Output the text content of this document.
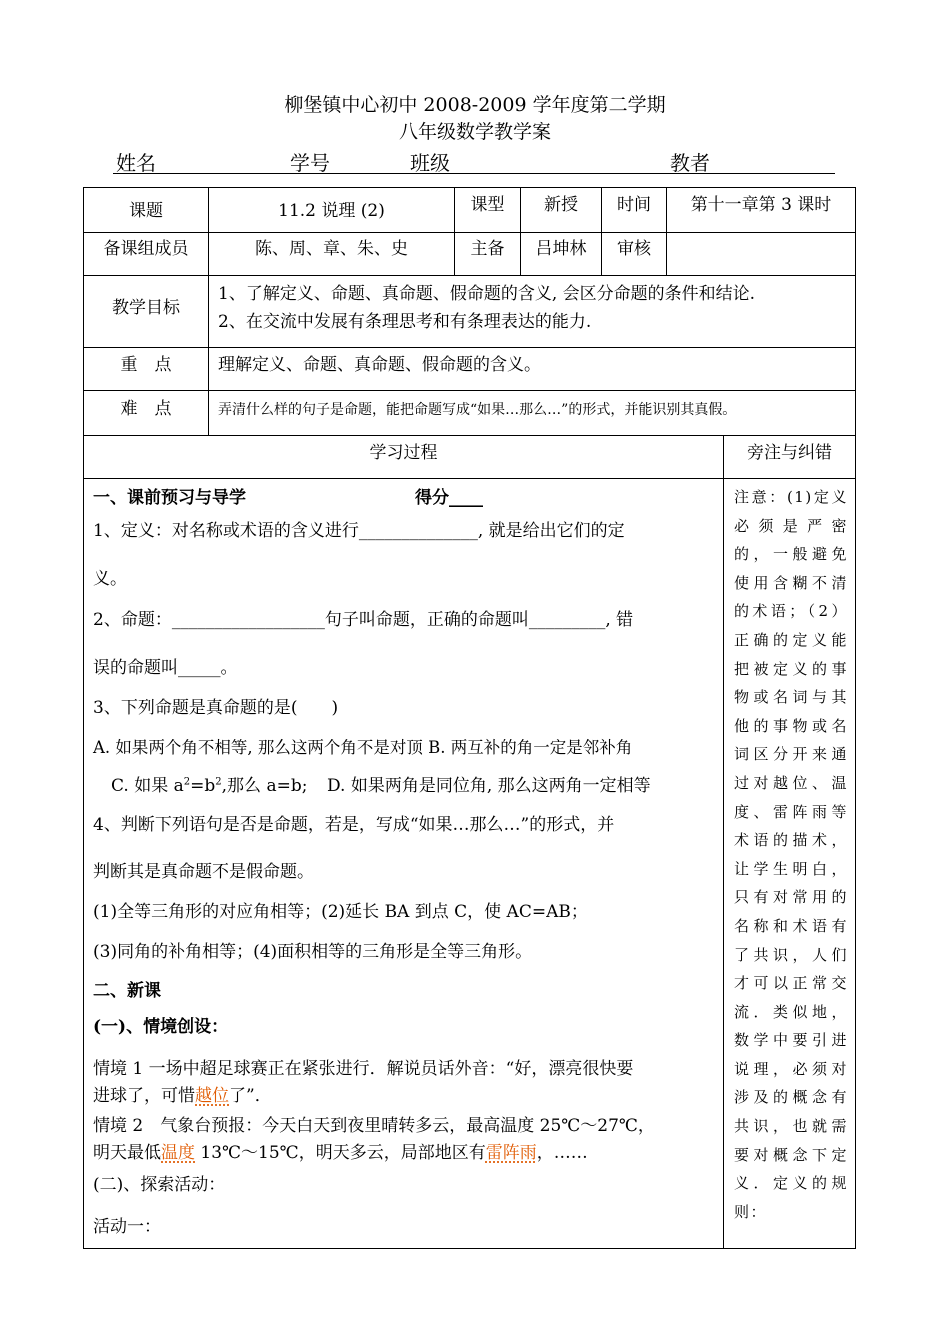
柳堡镇中心初中 2008-2009 学年度第二学期
八年级数学教学案
姓名	学号	班级	教者
课题	11.2 说理 (2)	课型	新授	时间	第十一章第 3 课时
备课组成员	陈、周、章、朱、史	主备	吕坤林	审核
教学目标
1、了解定义、命题、真命题、假命题的含义, 会区分命题的条件和结论.
2、在交流中发展有条理思考和有条理表达的能力.
重　点	理解定义、命题、真命题、假命题的含义。
难　点	弄清什么样的句子是命题，能把命题写成“如果…那么…”的形式，并能识别其真假。
学习过程	旁注与纠错
一、课前预习与导学	得分____
1、定义：对名称或术语的含义进行______________, 就是给出它们的定
义。
2、命题：__________________句子叫命题，正确的命题叫_________, 错
误的命题叫_____。
3、下列命题是真命题的是(　　)
A. 如果两个角不相等, 那么这两个角不是对顶 B. 两互补的角一定是邻补角
C. 如果 $a^2=b^2$,那么 a=b; D. 如果两角是同位角, 那么这两角一定相等
4、判断下列语句是否是命题，若是，写成“如果…那么…”的形式，并
判断其是真命题不是假命题。
(1)全等三角形的对应角相等；(2)延长 BA 到点 C，使 AC=AB；
(3)同角的补角相等；(4)面积相等的三角形是全等三角形。
二、新课
(一)、情境创设：
情境 1 一场中超足球赛正在紧张进行．解说员话外音：“好，漂亮很快要
进球了，可惜越位了”．
情境 2　气象台预报：今天白天到夜里晴转多云，最高温度 25℃～27℃，
明天最低温度 13℃～15℃，明天多云，局部地区有雷阵雨，……
(二)、探索活动：
活动一：
注意：(1)定义必须是严密的，一般避免使用含糊不清的术语；（2）正确的定义能把被定义的事物或名词与其他的事物或名词区分开来通过对越位、温度、雷阵雨等术语的描术，让学生明白，只有对常用的名称和术语有了共识，人们才可以正常交流．类似地，数学中要引进说理，必须对涉及的概念有共识，也就需要对概念下定义．定义的规则：
